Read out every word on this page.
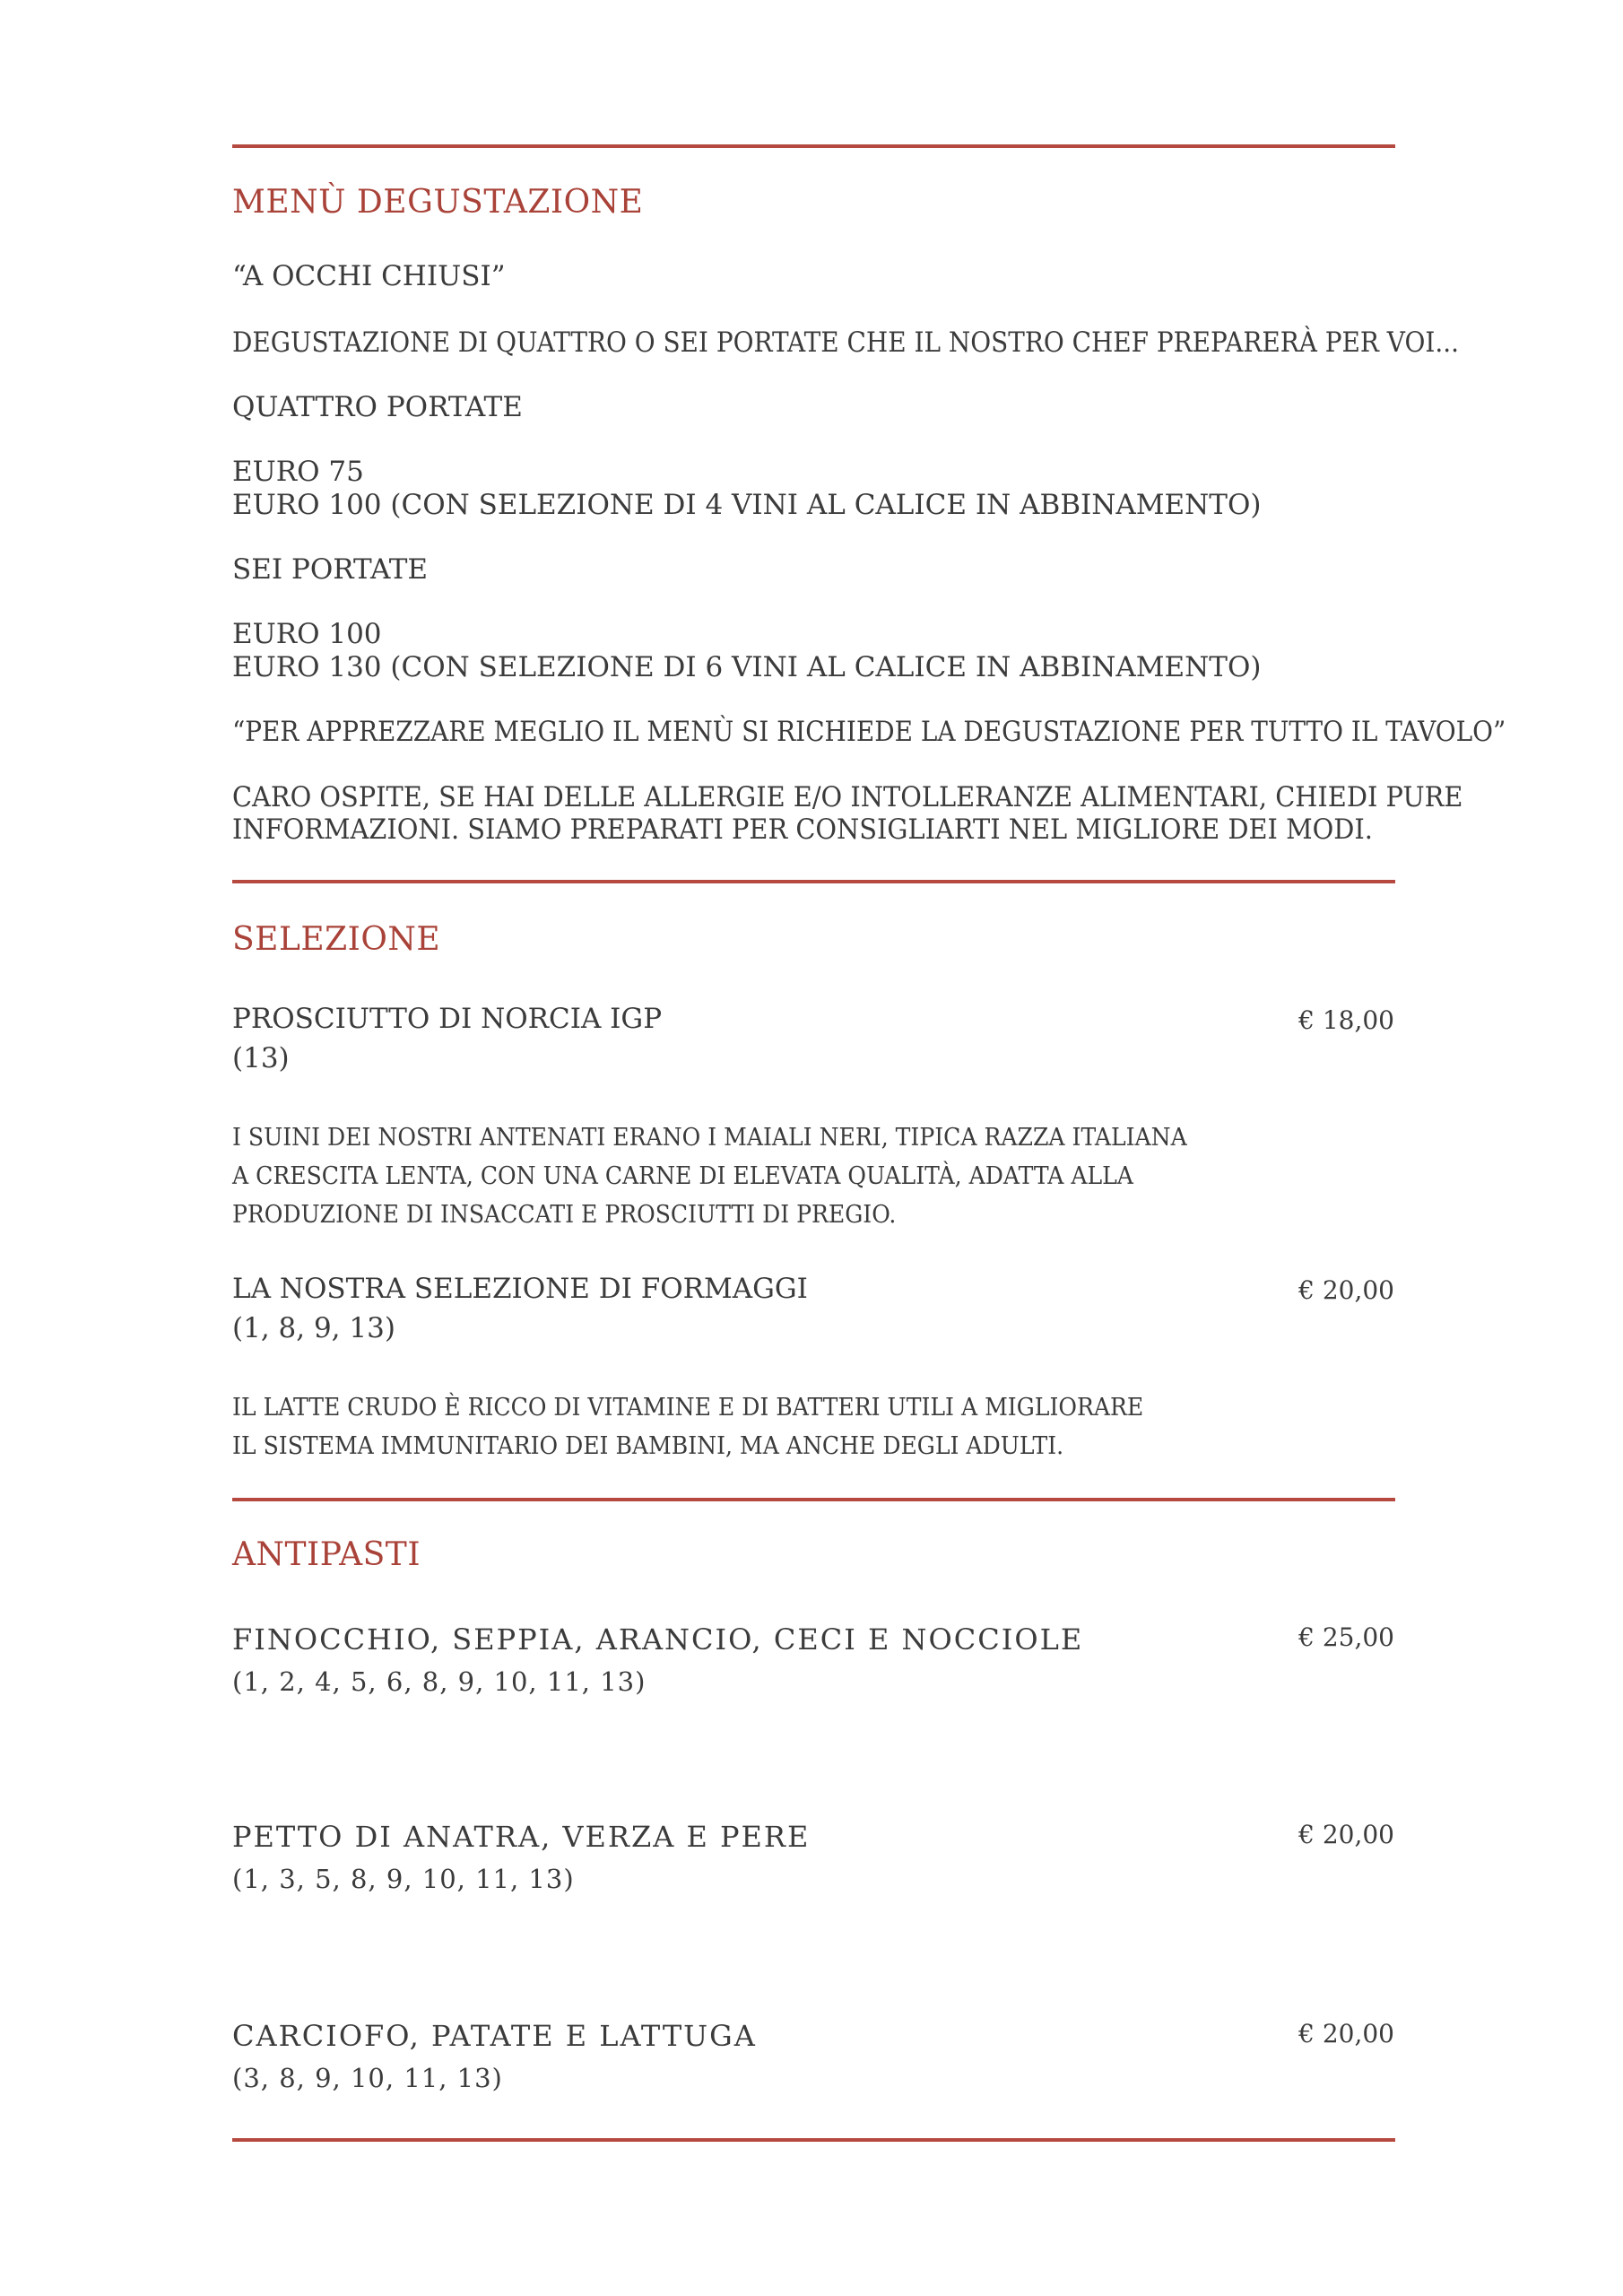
MENÙ DEGUSTAZIONE
“A OCCHI CHIUSI”
DEGUSTAZIONE DI QUATTRO O SEI PORTATE CHE IL NOSTRO CHEF PREPARERÀ PER VOI...
QUATTRO PORTATE
EURO 75
EURO 100 (CON SELEZIONE DI 4 VINI AL CALICE IN ABBINAMENTO)
SEI PORTATE
EURO 100
EURO 130 (CON SELEZIONE DI 6 VINI AL CALICE IN ABBINAMENTO)
“PER APPREZZARE MEGLIO IL MENÙ SI RICHIEDE LA DEGUSTAZIONE PER TUTTO IL TAVOLO”
CARO OSPITE, SE HAI DELLE ALLERGIE E/O INTOLLERANZE ALIMENTARI, CHIEDI PURE
INFORMAZIONI. SIAMO PREPARATI PER CONSIGLIARTI NEL MIGLIORE DEI MODI.
SELEZIONE
PROSCIUTTO DI NORCIA IGP	€ 18,00
(13)
I SUINI DEI NOSTRI ANTENATI ERANO I MAIALI NERI, TIPICA RAZZA ITALIANA
A CRESCITA LENTA, CON UNA CARNE DI ELEVATA QUALITÀ, ADATTA ALLA
PRODUZIONE DI INSACCATI E PROSCIUTTI DI PREGIO.
LA NOSTRA SELEZIONE DI FORMAGGI	€ 20,00
(1, 8, 9, 13)
IL LATTE CRUDO È RICCO DI VITAMINE E DI BATTERI UTILI A MIGLIORARE
IL SISTEMA IMMUNITARIO DEI BAMBINI, MA ANCHE DEGLI ADULTI.
ANTIPASTI
FINOCCHIO, SEPPIA, ARANCIO, CECI E NOCCIOLE	€ 25,00
(1, 2, 4, 5, 6, 8, 9, 10, 11, 13)
PETTO DI ANATRA, VERZA E PERE	€ 20,00
(1, 3, 5, 8, 9, 10, 11, 13)
CARCIOFO, PATATE E LATTUGA	€ 20,00
(3, 8, 9, 10, 11, 13)
